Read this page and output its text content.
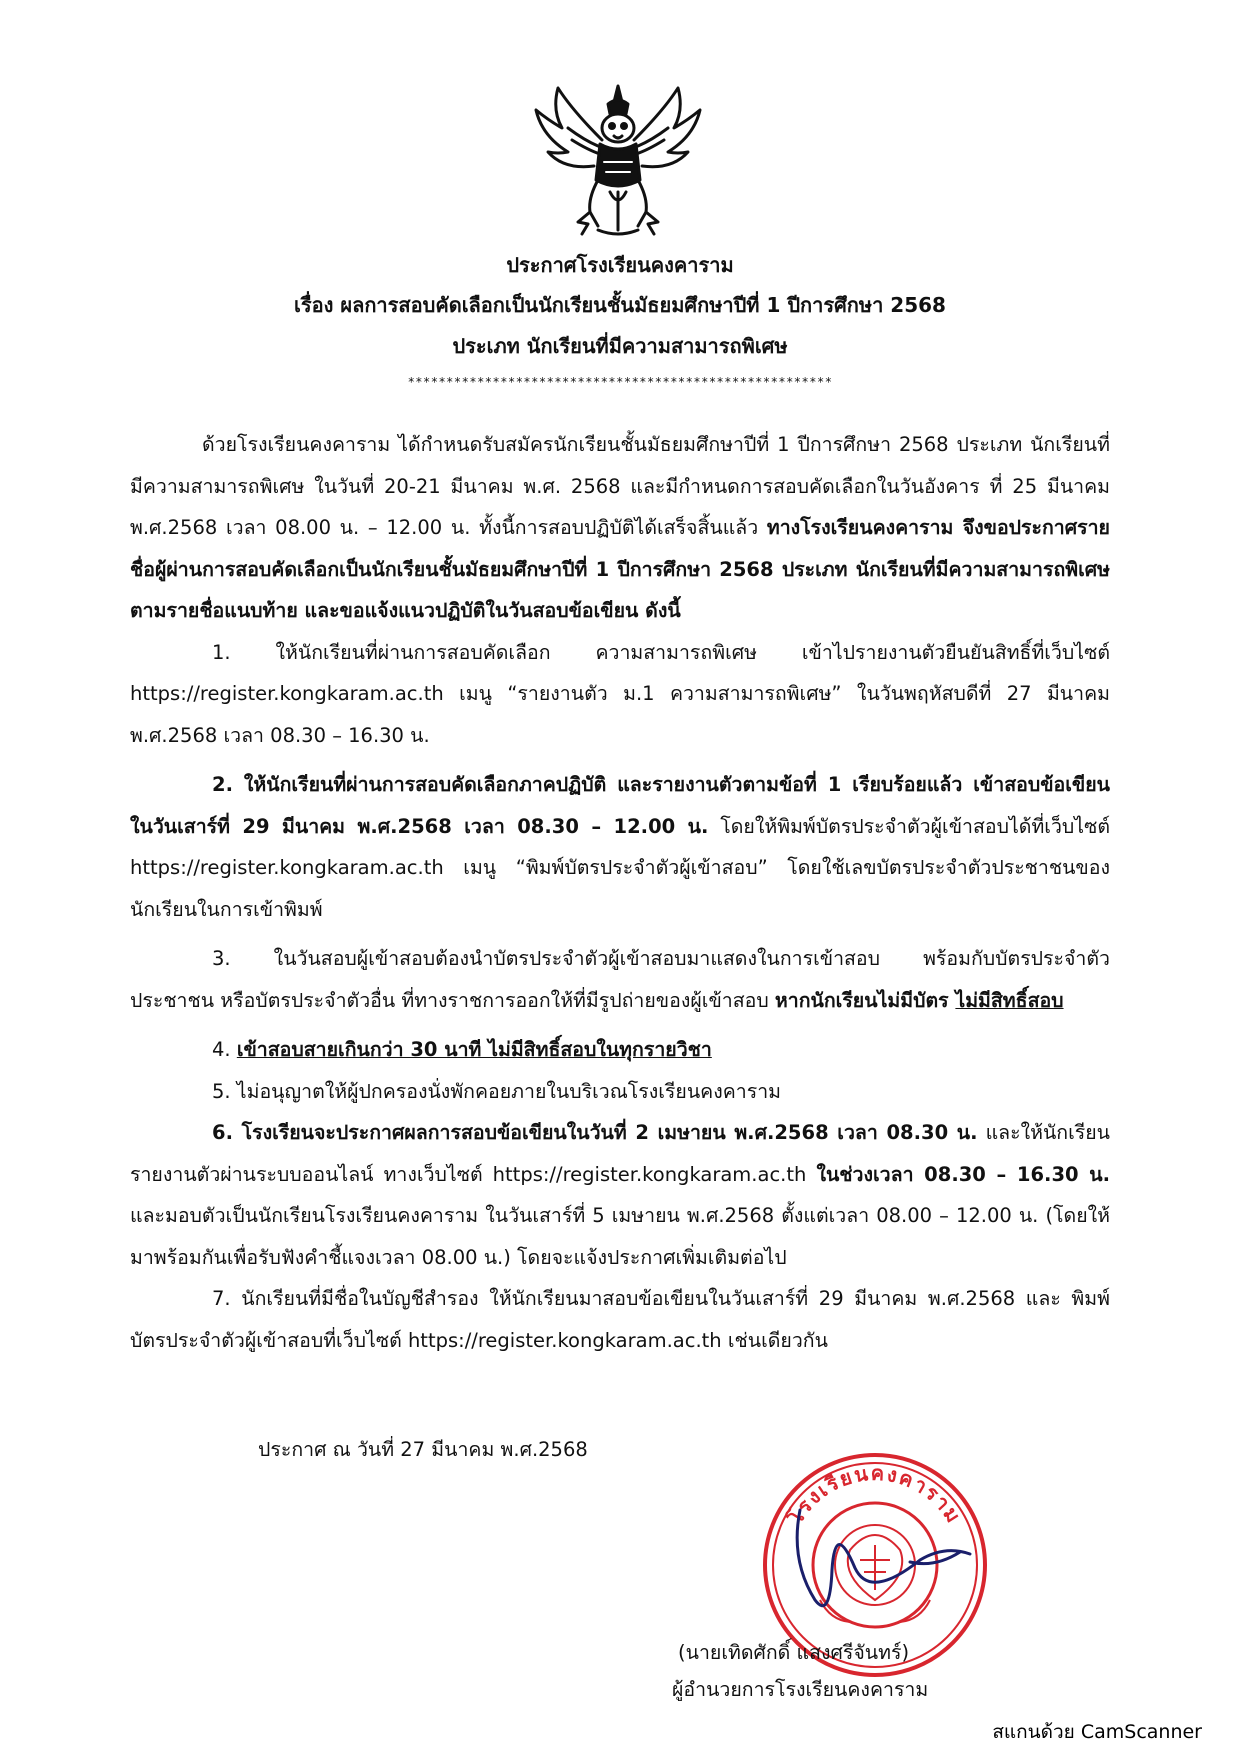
ประกาศโรงเรียนคงคาราม
เรื่อง ผลการสอบคัดเลือกเป็นนักเรียนชั้นมัธยมศึกษาปีที่ 1 ปีการศึกษา 2568
ประเภท นักเรียนที่มีความสามารถพิเศษ
*******************************************************

ด้วยโรงเรียนคงคาราม ได้กำหนดรับสมัครนักเรียนชั้นมัธยมศึกษาปีที่ 1 ปีการศึกษา 2568 ประเภท นักเรียนที่มีความสามารถพิเศษ ในวันที่ 20-21 มีนาคม พ.ศ. 2568 และมีกำหนดการสอบคัดเลือกในวันอังคาร ที่ 25 มีนาคม พ.ศ.2568 เวลา 08.00 น. – 12.00 น. ทั้งนี้การสอบปฏิบัติได้เสร็จสิ้นแล้ว ทางโรงเรียนคงคาราม จึงขอประกาศรายชื่อผู้ผ่านการสอบคัดเลือกเป็นนักเรียนชั้นมัธยมศึกษาปีที่ 1 ปีการศึกษา 2568 ประเภท นักเรียนที่มีความสามารถพิเศษ ตามรายชื่อแนบท้าย และขอแจ้งแนวปฏิบัติในวันสอบข้อเขียน ดังนี้

1. ให้นักเรียนที่ผ่านการสอบคัดเลือก ความสามารถพิเศษ เข้าไปรายงานตัวยืนยันสิทธิ์ที่เว็บไซต์ https://register.kongkaram.ac.th เมนู “รายงานตัว ม.1 ความสามารถพิเศษ” ในวันพฤหัสบดีที่ 27 มีนาคม พ.ศ.2568 เวลา 08.30 – 16.30 น.

2. ให้นักเรียนที่ผ่านการสอบคัดเลือกภาคปฏิบัติ และรายงานตัวตามข้อที่ 1 เรียบร้อยแล้ว เข้าสอบข้อเขียนในวันเสาร์ที่ 29 มีนาคม พ.ศ.2568 เวลา 08.30 – 12.00 น. โดยให้พิมพ์บัตรประจำตัวผู้เข้าสอบได้ที่เว็บไซต์ https://register.kongkaram.ac.th เมนู “พิมพ์บัตรประจำตัวผู้เข้าสอบ” โดยใช้เลขบัตรประจำตัวประชาชนของนักเรียนในการเข้าพิมพ์

3. ในวันสอบผู้เข้าสอบต้องนำบัตรประจำตัวผู้เข้าสอบมาแสดงในการเข้าสอบ พร้อมกับบัตรประจำตัวประชาชน หรือบัตรประจำตัวอื่น ที่ทางราชการออกให้ที่มีรูปถ่ายของผู้เข้าสอบ หากนักเรียนไม่มีบัตร ไม่มีสิทธิ์สอบ

4. เข้าสอบสายเกินกว่า 30 นาที ไม่มีสิทธิ์สอบในทุกรายวิชา

5. ไม่อนุญาตให้ผู้ปกครองนั่งพักคอยภายในบริเวณโรงเรียนคงคาราม

6. โรงเรียนจะประกาศผลการสอบข้อเขียนในวันที่ 2 เมษายน พ.ศ.2568 เวลา 08.30 น. และให้นักเรียนรายงานตัวผ่านระบบออนไลน์ ทางเว็บไซต์ https://register.kongkaram.ac.th ในช่วงเวลา 08.30 – 16.30 น. และมอบตัวเป็นนักเรียนโรงเรียนคงคาราม ในวันเสาร์ที่ 5 เมษายน พ.ศ.2568 ตั้งแต่เวลา 08.00 – 12.00 น. (โดยให้มาพร้อมกันเพื่อรับฟังคำชี้แจงเวลา 08.00 น.) โดยจะแจ้งประกาศเพิ่มเติมต่อไป

7. นักเรียนที่มีชื่อในบัญชีสำรอง ให้นักเรียนมาสอบข้อเขียนในวันเสาร์ที่ 29 มีนาคม พ.ศ.2568 และ พิมพ์บัตรประจำตัวผู้เข้าสอบที่เว็บไซต์ https://register.kongkaram.ac.th เช่นเดียวกัน

ประกาศ ณ วันที่ 27 มีนาคม พ.ศ.2568
โรงเรียนคงคาราม
(นายเทิดศักดิ์ แสงศรีจันทร์)
ผู้อำนวยการโรงเรียนคงคาราม
สแกนด้วย CamScanner
